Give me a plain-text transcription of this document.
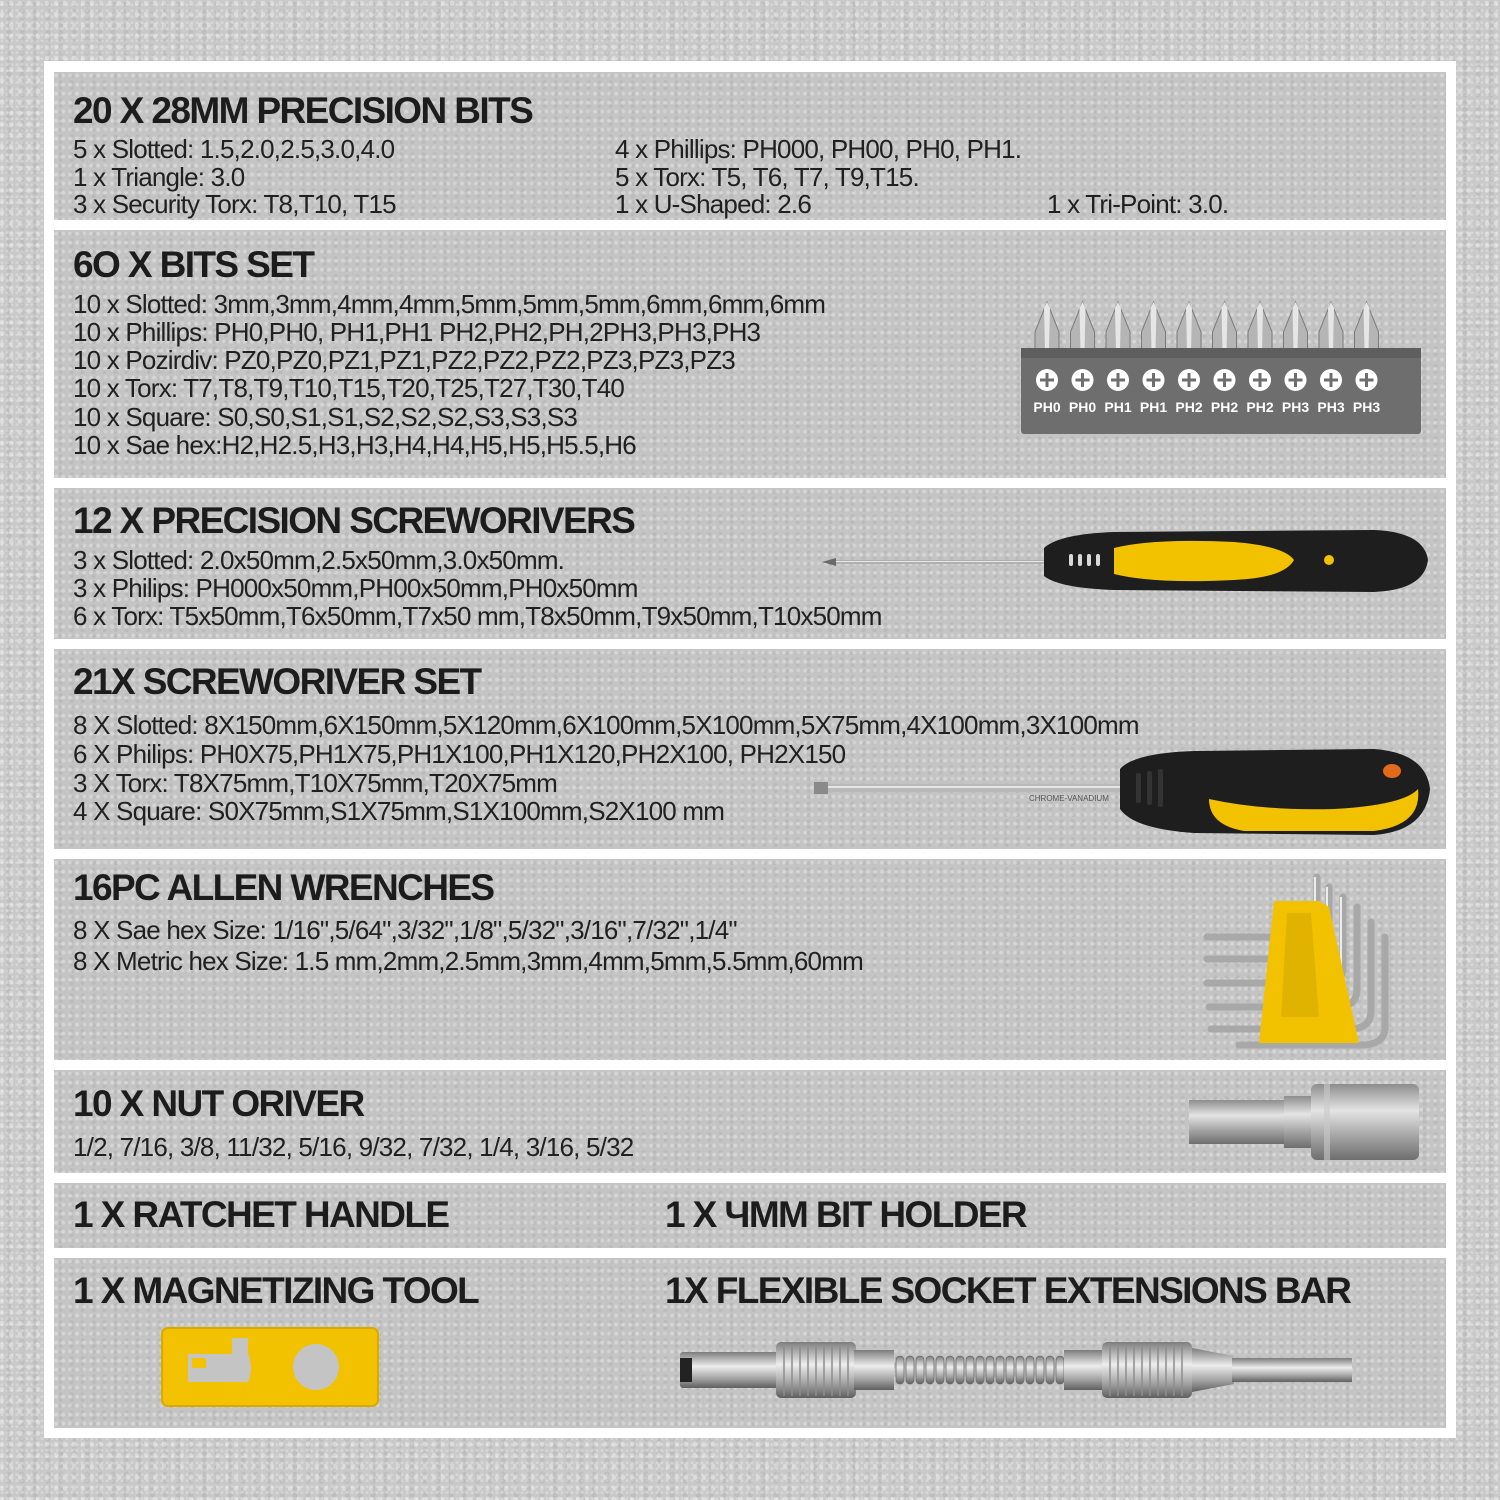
20 X 28MM PRECISION BITS

5 x Slotted: 1.5,2.0,2.5,3.0,4.0

1 x Triangle: 3.0

3 x Security Torx: T8,T10, T15

4 x Phillips: PH000, PH00, PH0, PH1.

5 x Torx: T5, T6, T7, T9,T15.

1 x U-Shaped: 2.6	1 x Tri-Point: 3.0.

6O X BITS SET

10 x Slotted: 3mm,3mm,4mm,4mm,5mm,5mm,5mm,6mm,6mm,6mm

10 x Phillips: PH0,PH0, PH1,PH1 PH2,PH2,PH,2PH3,PH3,PH3

10 x Pozirdiv: PZ0,PZ0,PZ1,PZ1,PZ2,PZ2,PZ2,PZ3,PZ3,PZ3

10 x Torx: T7,T8,T9,T10,T15,T20,T25,T27,T30,T40

10 x Square: S0,S0,S1,S1,S2,S2,S2,S3,S3,S3

10 x Sae hex:H2,H2.5,H3,H3,H4,H4,H5,H5,H5.5,H6

PH0 PH0 PH1 PH1 PH2 PH2 PH2 PH3 PH3 PH3
12 X PRECISION SCREWORIVERS

3 x Slotted: 2.0x50mm,2.5x50mm,3.0x50mm.

3 x Philips: PH000x50mm,PH00x50mm,PH0x50mm

6 x Torx: T5x50mm,T6x50mm,T7x50 mm,T8x50mm,T9x50mm,T10x50mm

21X SCREWORIVER SET

8 X Slotted: 8X150mm,6X150mm,5X120mm,6X100mm,5X100mm,5X75mm,4X100mm,3X100mm

6 X Philips: PH0X75,PH1X75,PH1X100,PH1X120,PH2X100, PH2X150

3 X Torx: T8X75mm,T10X75mm,T20X75mm

4 X Square: S0X75mm,S1X75mm,S1X100mm,S2X100 mm	CHROME-VANADIUM
16PC ALLEN WRENCHES

8 X Sae hex Size: 1/16",5/64",3/32",1/8",5/32",3/16",7/32",1/4"

8 X Metric hex Size: 1.5 mm,2mm,2.5mm,3mm,4mm,5mm,5.5mm,60mm

10 X NUT ORIVER

1/2, 7/16, 3/8, 11/32, 5/16, 9/32, 7/32, 1/4, 3/16, 5/32

1 X RATCHET HANDLE	1 X ЧMM BIT HOLDER
1 X MAGNETIZING TOOL	1X FLEXIBLE SOCKET EXTENSIONS BAR
